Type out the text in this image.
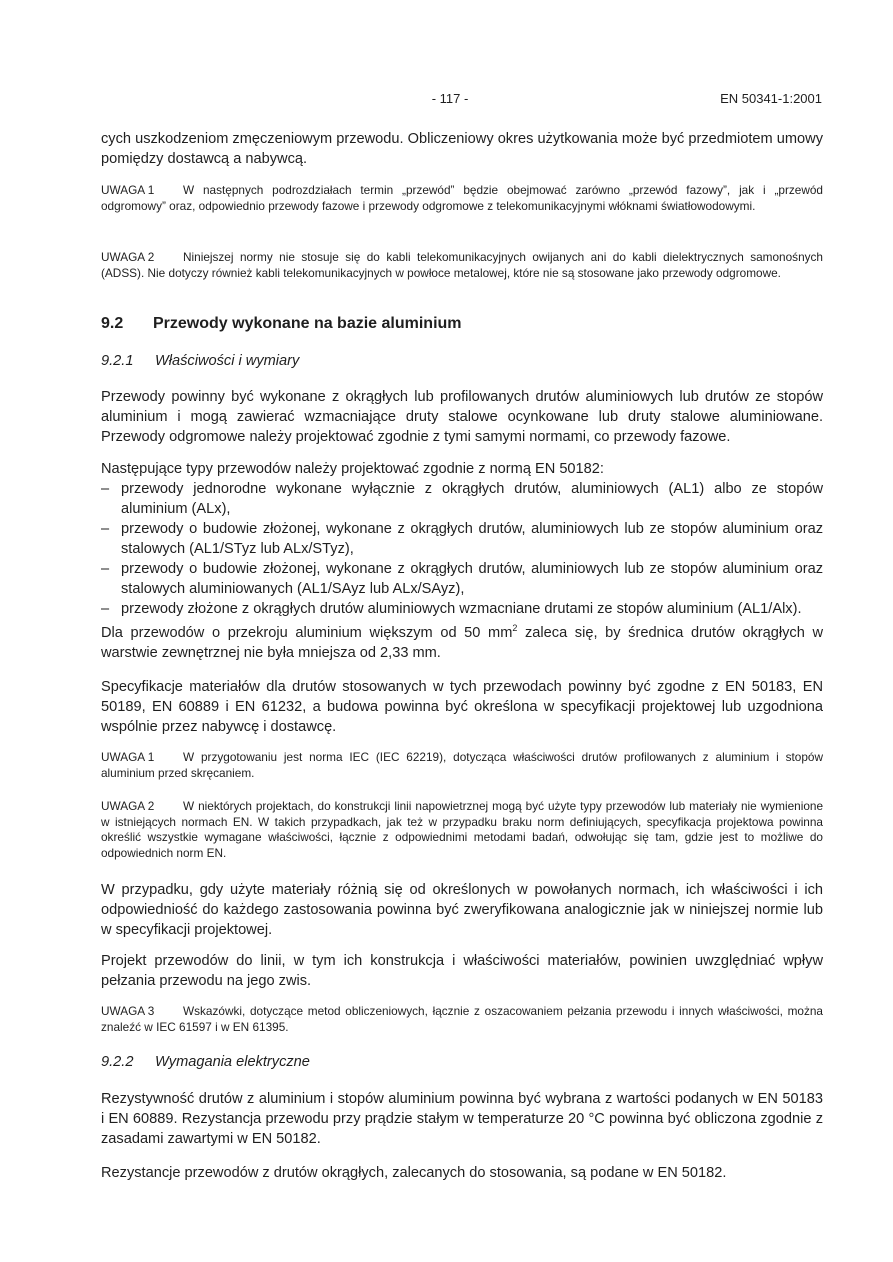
- 117 -	EN 50341-1:2001

cych uszkodzeniom zmęczeniowym przewodu. Obliczeniowy okres użytkowania może być przedmiotem umowy pomiędzy dostawcą a nabywcą.

UWAGA 1 W następnych podrozdziałach termin „przewód” będzie obejmować zarówno „przewód fazowy”, jak i „przewód odgromowy” oraz, odpowiednio przewody fazowe i przewody odgromowe z telekomunikacyjnymi włóknami światłowodowymi.

UWAGA 2 Niniejszej normy nie stosuje się do kabli telekomunikacyjnych owijanych ani do kabli dielektrycznych samonośnych (ADSS). Nie dotyczy również kabli telekomunikacyjnych w powłoce metalowej, które nie są stosowane jako przewody odgromowe.

9.2 Przewody wykonane na bazie aluminium
9.2.1 Właściwości i wymiary

Przewody powinny być wykonane z okrągłych lub profilowanych drutów aluminiowych lub drutów ze stopów aluminium i mogą zawierać wzmacniające druty stalowe ocynkowane lub druty stalowe aluminiowane. Przewody odgromowe należy projektować zgodnie z tymi samymi normami, co przewody fazowe.

Następujące typy przewodów należy projektować zgodnie z normą EN 50182:
– przewody jednorodne wykonane wyłącznie z okrągłych drutów, aluminiowych (AL1) albo ze stopów aluminium (ALx),
– przewody o budowie złożonej, wykonane z okrągłych drutów, aluminiowych lub ze stopów aluminium oraz stalowych (AL1/STyz lub ALx/STyz),
– przewody o budowie złożonej, wykonane z okrągłych drutów, aluminiowych lub ze stopów aluminium oraz stalowych aluminiowanych (AL1/SAyz lub ALx/SAyz),
– przewody złożone z okrągłych drutów aluminiowych wzmacniane drutami ze stopów aluminium (AL1/Alx).

Dla przewodów o przekroju aluminium większym od 50 $mm^2$ zaleca się, by średnica drutów okrągłych w warstwie zewnętrznej nie była mniejsza od 2,33 mm.

Specyfikacje materiałów dla drutów stosowanych w tych przewodach powinny być zgodne z EN 50183, EN 50189, EN 60889 i EN 61232, a budowa powinna być określona w specyfikacji projektowej lub uzgodniona wspólnie przez nabywcę i dostawcę.

UWAGA 1 W przygotowaniu jest norma IEC (IEC 62219), dotycząca właściwości drutów profilowanych z aluminium i stopów aluminium przed skręcaniem.

UWAGA 2 W niektórych projektach, do konstrukcji linii napowietrznej mogą być użyte typy przewodów lub materiały nie wymienione w istniejących normach EN. W takich przypadkach, jak też w przypadku braku norm definiujących, specyfikacja projektowa powinna określić wszystkie wymagane właściwości, łącznie z odpowiednimi metodami badań, odwołując się tam, gdzie jest to możliwe do odpowiednich norm EN.

W przypadku, gdy użyte materiały różnią się od określonych w powołanych normach, ich właściwości i ich odpowiedniość do każdego zastosowania powinna być zweryfikowana analogicznie jak w niniejszej normie lub w specyfikacji projektowej.

Projekt przewodów do linii, w tym ich konstrukcja i właściwości materiałów, powinien uwzględniać wpływ pełzania przewodu na jego zwis.

UWAGA 3 Wskazówki, dotyczące metod obliczeniowych, łącznie z oszacowaniem pełzania przewodu i innych właściwości, można znaleźć w IEC 61597 i w EN 61395.

9.2.2 Wymagania elektryczne

Rezystywność drutów z aluminium i stopów aluminium powinna być wybrana z wartości podanych w EN 50183 i EN 60889. Rezystancja przewodu przy prądzie stałym w temperaturze 20 °C powinna być obliczona zgodnie z zasadami zawartymi w EN 50182.

Rezystancje przewodów z drutów okrągłych, zalecanych do stosowania, są podane w EN 50182.
